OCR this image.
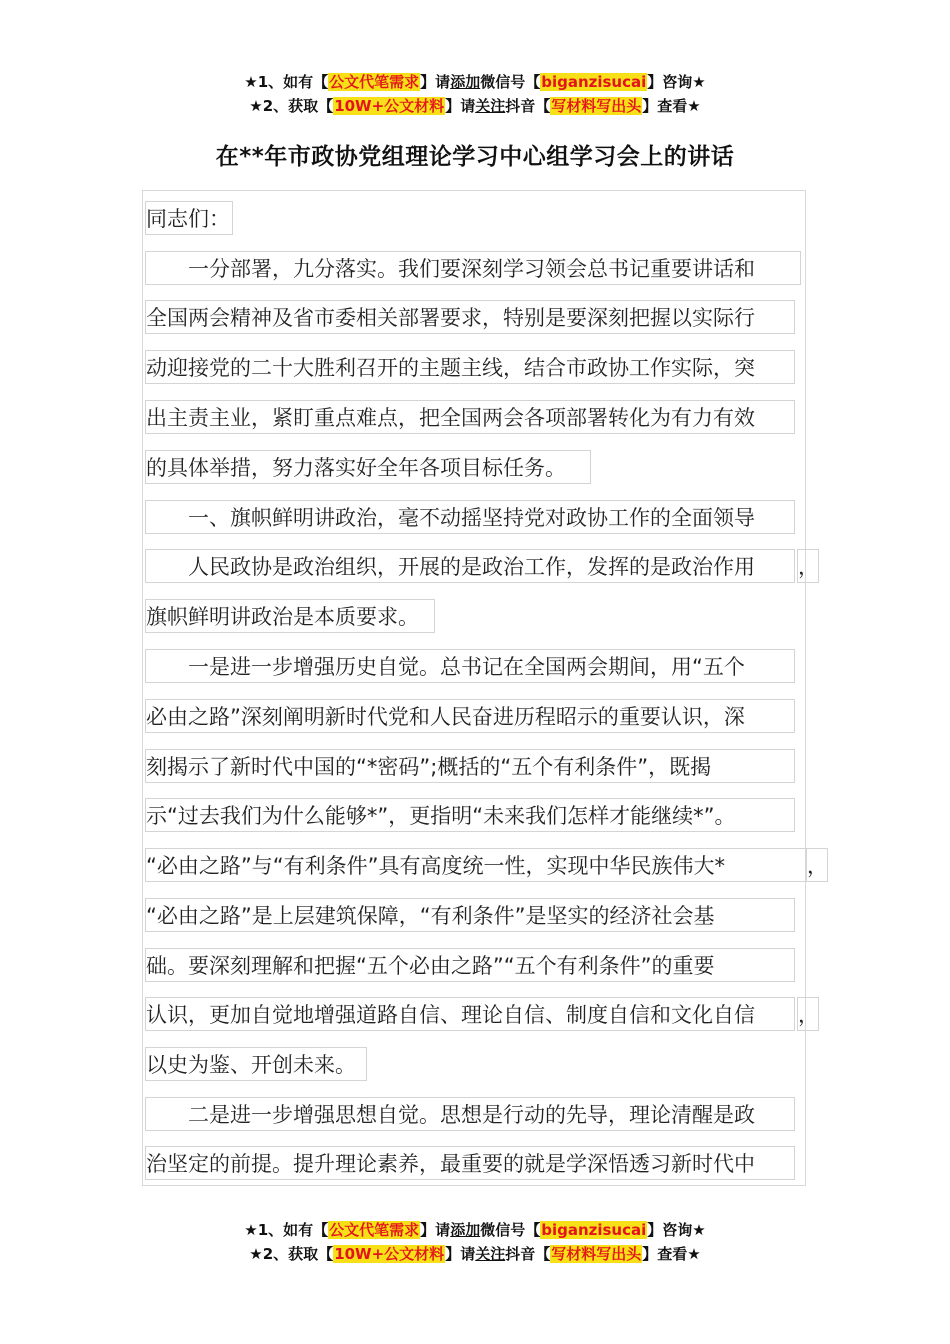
★1、如有【公文代笔需求】请添加微信号【biganzisucai】咨询★
★2、获取【10W+公文材料】请关注抖音【写材料写出头】查看★
在**年市政协党组理论学习中心组学习会上的讲话
同志们：
　　一分部署，九分落实。我们要深刻学习领会总书记重要讲话和
全国两会精神及省市委相关部署要求，特别是要深刻把握以实际行
动迎接党的二十大胜利召开的主题主线，结合市政协工作实际，突
出主责主业，紧盯重点难点，把全国两会各项部署转化为有力有效
的具体举措，努力落实好全年各项目标任务。
　　一、旗帜鲜明讲政治，毫不动摇坚持党对政协工作的全面领导
　　人民政协是政治组织，开展的是政治工作，发挥的是政治作用	，
旗帜鲜明讲政治是本质要求。
　　一是进一步增强历史自觉。总书记在全国两会期间，用“五个
必由之路”深刻阐明新时代党和人民奋进历程昭示的重要认识，深
刻揭示了新时代中国的“*密码”;概括的“五个有利条件”，既揭
示“过去我们为什么能够*”，更指明“未来我们怎样才能继续*”。
“必由之路”与“有利条件”具有高度统一性，实现中华民族伟大*	，
“必由之路”是上层建筑保障，“有利条件”是坚实的经济社会基
础。要深刻理解和把握“五个必由之路”“五个有利条件”的重要
认识，更加自觉地增强道路自信、理论自信、制度自信和文化自信	，
以史为鉴、开创未来。
　　二是进一步增强思想自觉。思想是行动的先导，理论清醒是政
治坚定的前提。提升理论素养，最重要的就是学深悟透习新时代中
★1、如有【公文代笔需求】请添加微信号【biganzisucai】咨询★
★2、获取【10W+公文材料】请关注抖音【写材料写出头】查看★
